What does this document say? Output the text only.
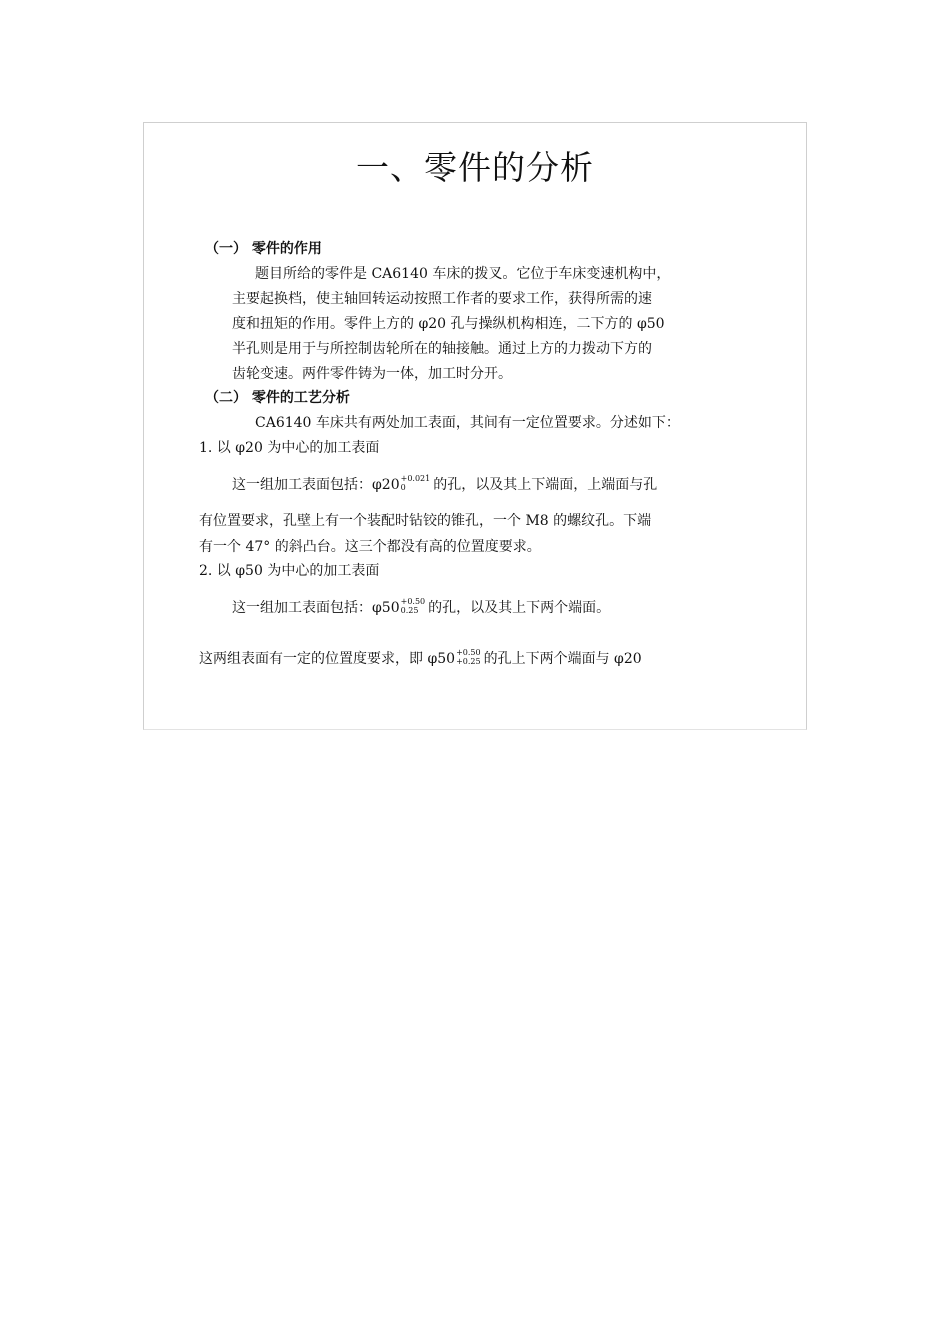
一、零件的分析
（一） 零件的作用
题目所给的零件是 CA6140 车床的拨叉。它位于车床变速机构中，
主要起换档，使主轴回转运动按照工作者的要求工作，获得所需的速
度和扭矩的作用。零件上方的 φ20 孔与操纵机构相连，二下方的 φ50
半孔则是用于与所控制齿轮所在的轴接触。通过上方的力拨动下方的
齿轮变速。两件零件铸为一体，加工时分开。
（二） 零件的工艺分析
CA6140 车床共有两处加工表面，其间有一定位置要求。分述如下：
1. 以 φ20 为中心的加工表面
这一组加工表面包括：φ20 +0.021
0	的孔，以及其上下端面，上端面与孔
有位置要求，孔壁上有一个装配时钻铰的锥孔，一个 M8 的螺纹孔。下端
有一个 47° 的斜凸台。这三个都没有高的位置度要求。
2. 以 φ50 为中心的加工表面
这一组加工表面包括：φ50 +0.50
0.25 的孔，以及其上下两个端面。
这两组表面有一定的位置度要求，即 φ50 +0.50
+0.25 的孔上下两个端面与 φ20
